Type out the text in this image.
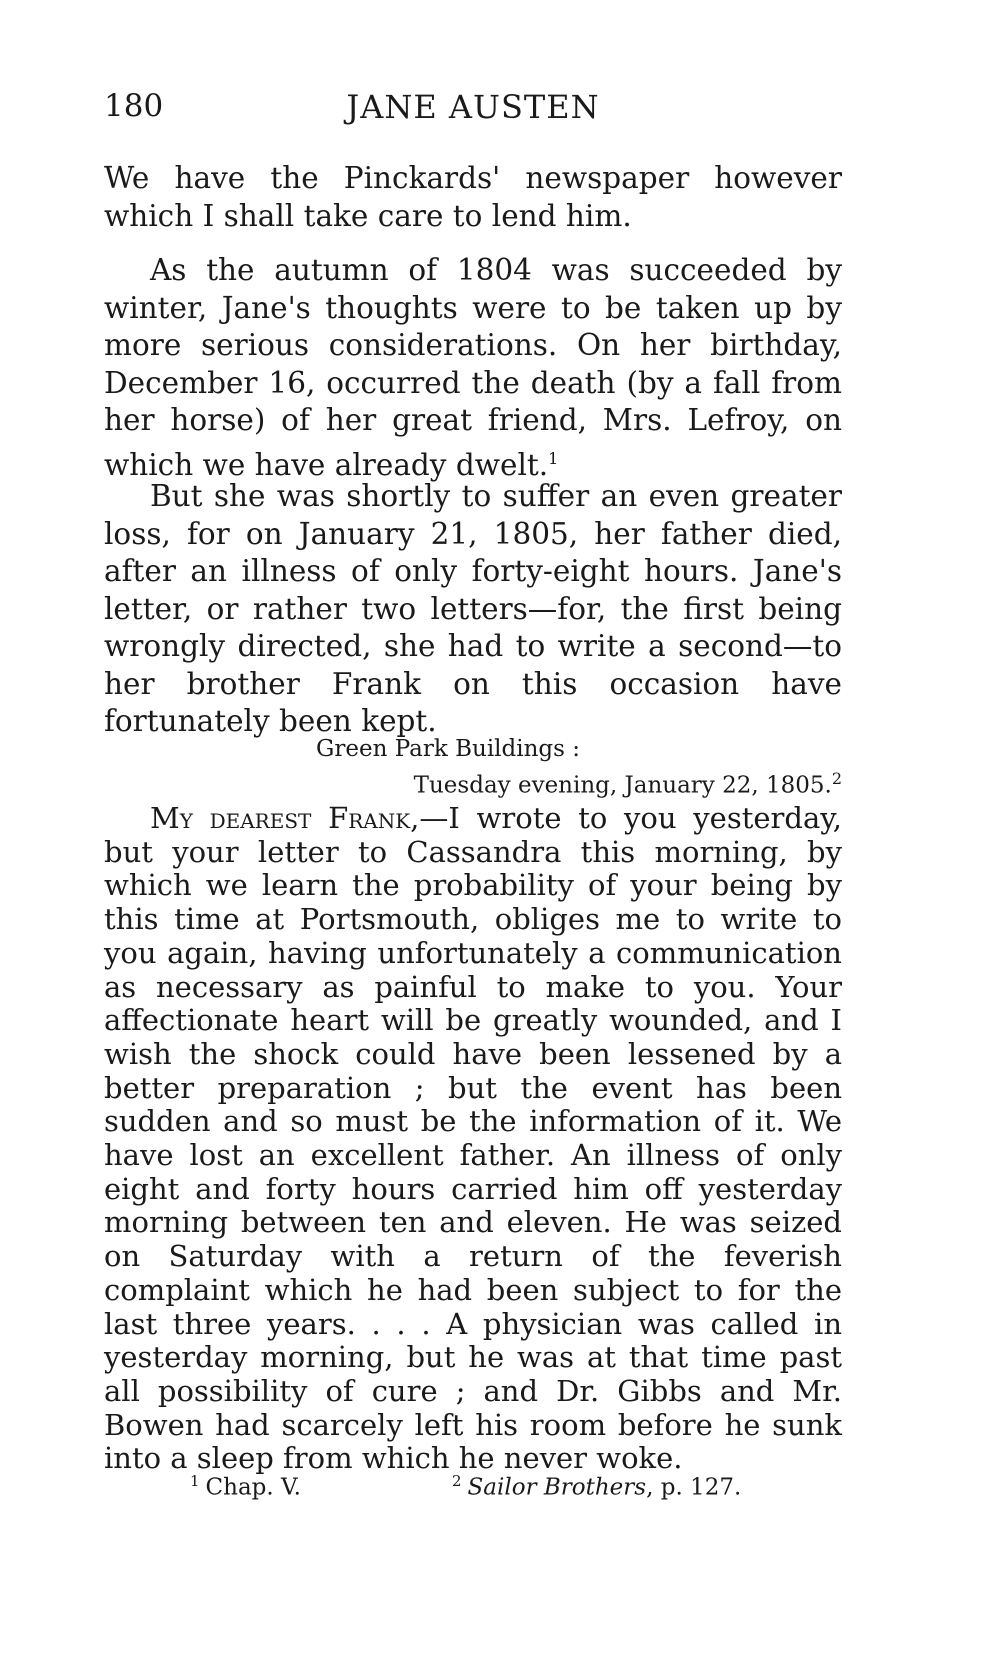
180	JANE AUSTEN

We have the Pinckards' newspaper however which I shall take care to lend him.

As the autumn of 1804 was succeeded by winter, Jane's thoughts were to be taken up by more serious considerations. On her birthday, December 16, occurred the death (by a fall from her horse) of her great friend, Mrs. Lefroy, on which we have already dwelt.$^1$

But she was shortly to suffer an even greater loss, for on January 21, 1805, her father died, after an illness of only forty-eight hours. Jane's letter, or rather two letters—for, the first being wrongly directed, she had to write a second—to her brother Frank on this occasion have fortunately been kept.

Green Park Buildings :
Tuesday evening, January 22, 1805.$^2$

My dearest Frank,—I wrote to you yesterday, but your letter to Cassandra this morning, by which we learn the probability of your being by this time at Portsmouth, obliges me to write to you again, having unfortunately a communication as necessary as painful to make to you. Your affectionate heart will be greatly wounded, and I wish the shock could have been lessened by a better preparation ; but the event has been sudden and so must be the information of it. We have lost an excellent father. An illness of only eight and forty hours carried him off yesterday morning between ten and eleven. He was seized on Saturday with a return of the feverish complaint which he had been subject to for the last three years. . . . A physician was called in yesterday morning, but he was at that time past all possibility of cure ; and Dr. Gibbs and Mr. Bowen had scarcely left his room before he sunk into a sleep from which he never woke.

$^1$ Chap. V.	$^2$ Sailor Brothers, p. 127.
